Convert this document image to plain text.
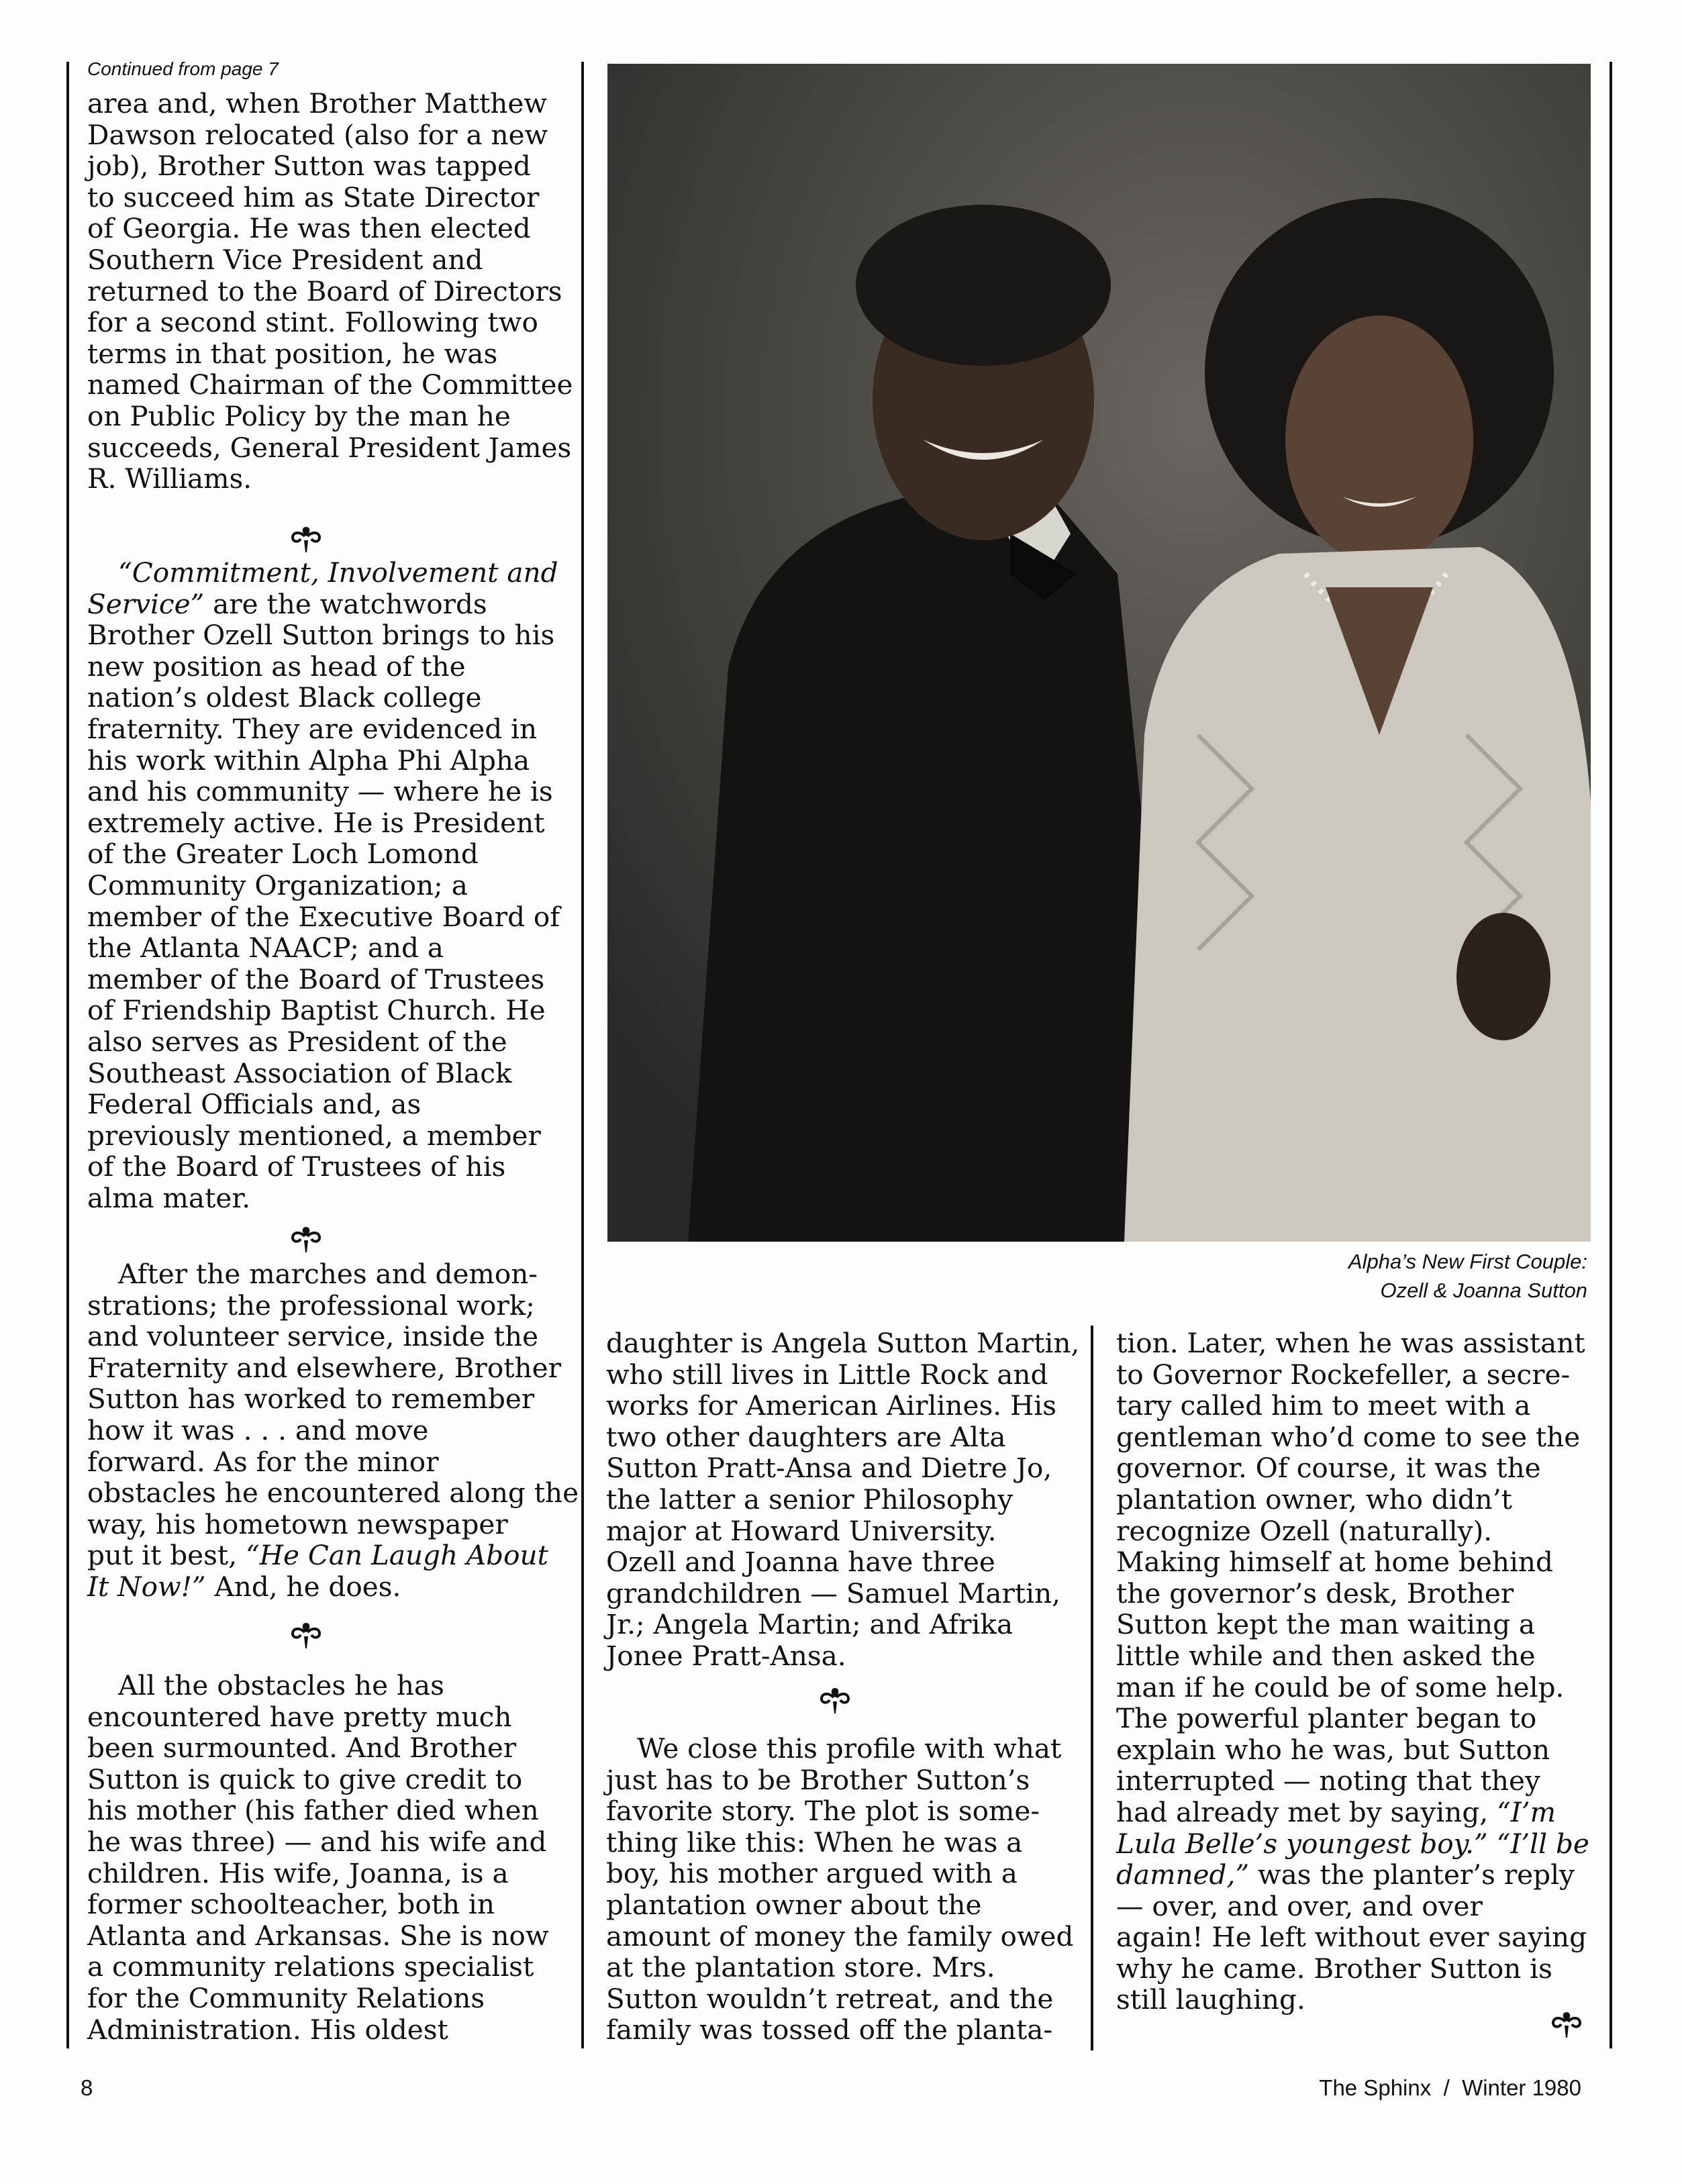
Continued from page 7

area and, when Brother Matthew
Dawson relocated (also for a new
job), Brother Sutton was tapped
to succeed him as State Director
of Georgia. He was then elected
Southern Vice President and
returned to the Board of Directors
for a second stint. Following two
terms in that position, he was
named Chairman of the Committee
on Public Policy by the man he
succeeds, General President James
R. Williams.

“Commitment, Involvement and
Service” are the watchwords

Brother Ozell Sutton brings to his
new position as head of the
nation’s oldest Black college
fraternity. They are evidenced in
his work within Alpha Phi Alpha
and his community — where he is
extremely active. He is President
of the Greater Loch Lomond
Community Organization; a
member of the Executive Board of
the Atlanta NAACP; and a
member of the Board of Trustees
of Friendship Baptist Church. He
also serves as President of the
Southeast Association of Black
Federal Officials and, as
previously mentioned, a member
of the Board of Trustees of his
alma mater.

After the marches and demon-
strations; the professional work;
and volunteer service, inside the
Fraternity and elsewhere, Brother
Sutton has worked to remember
how it was . . . and move
forward. As for the minor
obstacles he encountered along the
way, his hometown newspaper

put it best, “He Can Laugh About
It Now!” And, he does.

All the obstacles he has
encountered have pretty much
been surmounted. And Brother
Sutton is quick to give credit to
his mother (his father died when
he was three) — and his wife and
children. His wife, Joanna, is a
former schoolteacher, both in
Atlanta and Arkansas. She is now
a community relations specialist
for the Community Relations
Administration. His oldest

Alpha’s New First Couple:
Ozell & Joanna Sutton

daughter is Angela Sutton Martin,
who still lives in Little Rock and
works for American Airlines. His
two other daughters are Alta
Sutton Pratt-Ansa and Dietre Jo,
the latter a senior Philosophy
major at Howard University.
Ozell and Joanna have three
grandchildren — Samuel Martin,
Jr.; Angela Martin; and Afrika
Jonee Pratt-Ansa.

We close this profile with what
just has to be Brother Sutton’s
favorite story. The plot is some-
thing like this: When he was a
boy, his mother argued with a
plantation owner about the
amount of money the family owed
at the plantation store. Mrs.
Sutton wouldn’t retreat, and the
family was tossed off the planta-

tion. Later, when he was assistant
to Governor Rockefeller, a secre-
tary called him to meet with a
gentleman who’d come to see the
governor. Of course, it was the
plantation owner, who didn’t
recognize Ozell (naturally).
Making himself at home behind
the governor’s desk, Brother
Sutton kept the man waiting a
little while and then asked the
man if he could be of some help.
The powerful planter began to
explain who he was, but Sutton
interrupted — noting that they

had already met by saying, “I’m
Lula Belle’s youngest boy.” “I’ll be
damned,” was the planter’s reply

— over, and over, and over
again! He left without ever saying
why he came. Brother Sutton is
still laughing.

8	The Sphinx  /  Winter 1980
